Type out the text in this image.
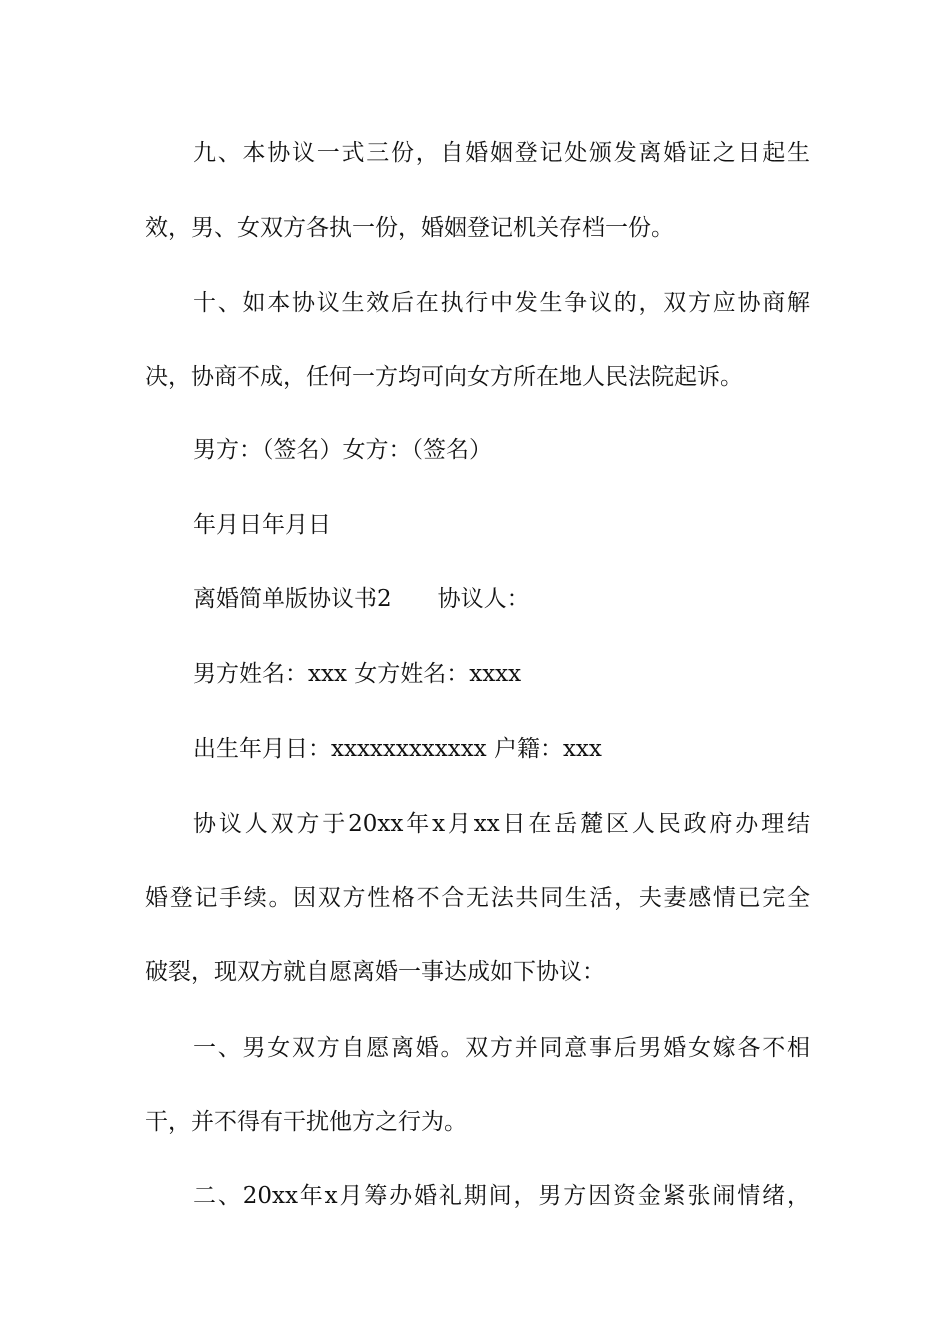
九、本协议一式三份，自婚姻登记处颁发离婚证之日起生
效，男、女双方各执一份，婚姻登记机关存档一份。
十、如本协议生效后在执行中发生争议的，双方应协商解
决，协商不成，任何一方均可向女方所在地人民法院起诉。
男方：（签名）女方：（签名）
年月日年月日
离婚简单版协议书2 协议人：
男方姓名：xxx 女方姓名：xxxx
出生年月日：xxxxxxxxxxxx 户籍：xxx
协议人双方于20xx年x月xx日在岳麓区人民政府办理结
婚登记手续。因双方性格不合无法共同生活，夫妻感情已完全
破裂，现双方就自愿离婚一事达成如下协议：
一、男女双方自愿离婚。双方并同意事后男婚女嫁各不相
干，并不得有干扰他方之行为。
二、20xx年x月筹办婚礼期间，男方因资金紧张闹情绪，
